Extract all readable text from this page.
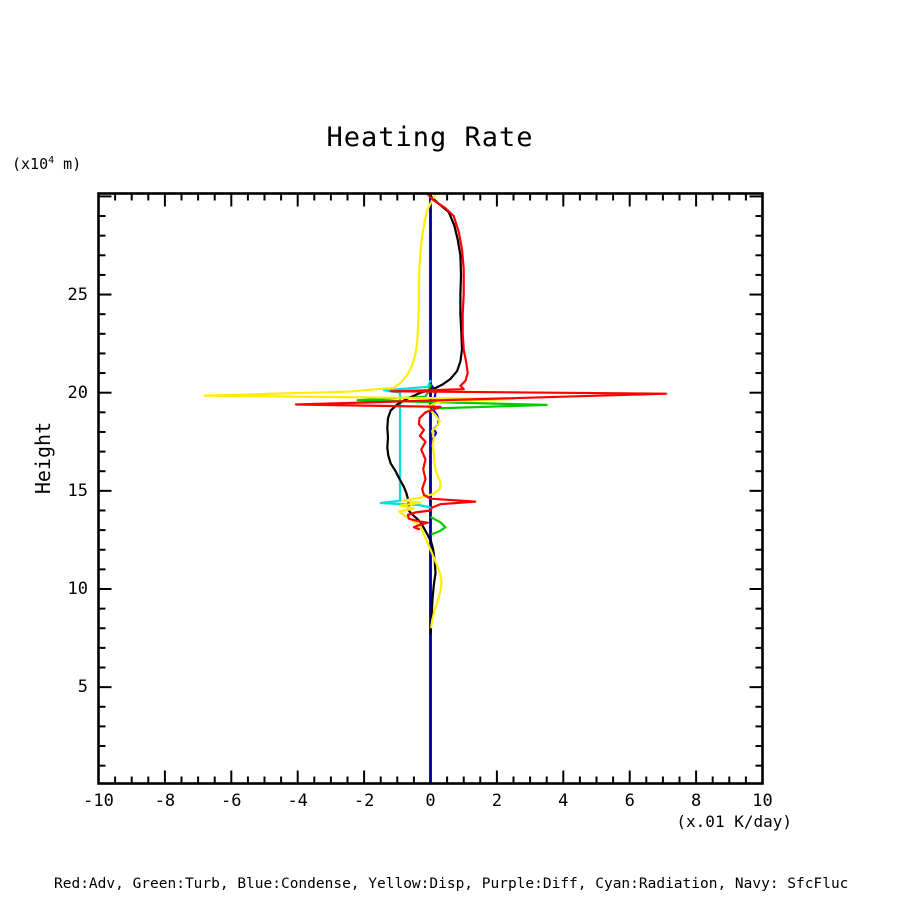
Heating Rate
($x10^4$ m)
Height
(x.01 K/day)
-10 -8	-6	-4	-2	0	2	4	6	8	10
5
10
15
20
25
Red:Adv, Green:Turb, Blue:Condense, Yellow:Disp, Purple:Diff, Cyan:Radiation, Navy: SfcFluc
